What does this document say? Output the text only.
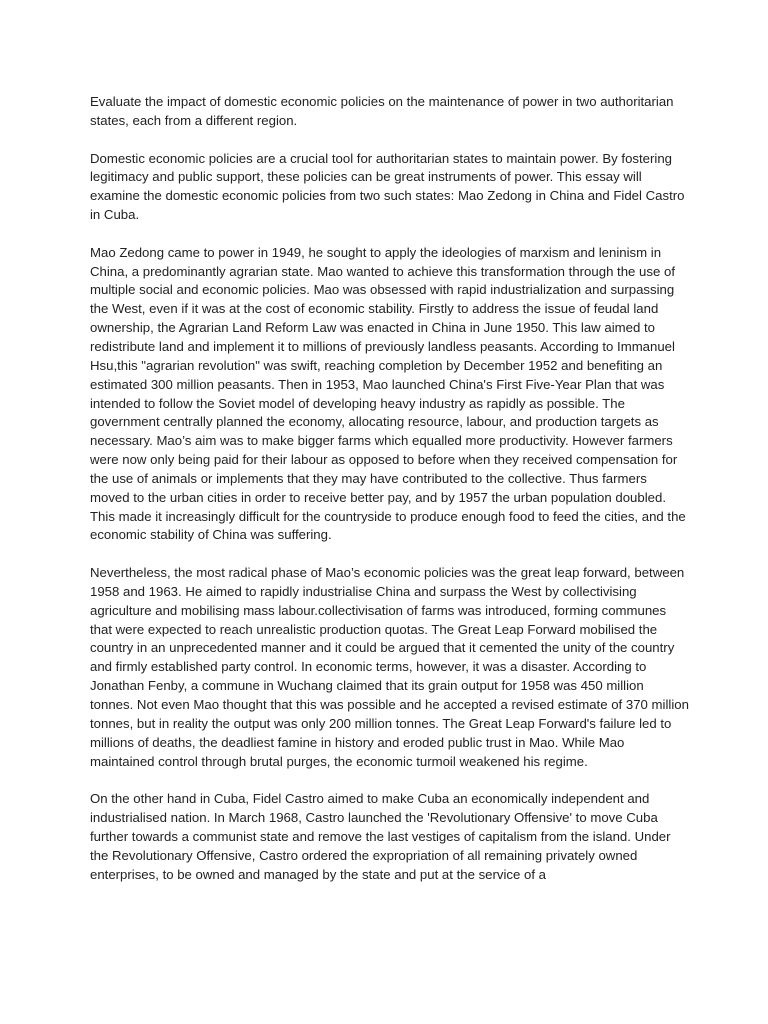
Evaluate the impact of domestic economic policies on the maintenance of power in two authoritarian states, each from a different region.

Domestic economic policies are a crucial tool for authoritarian states to maintain power. By fostering legitimacy and public support, these policies can be great instruments of power. This essay will examine the domestic economic policies from two such states: Mao Zedong in China and Fidel Castro in Cuba.

Mao Zedong came to power in 1949, he sought to apply the ideologies of marxism and leninism in China, a predominantly agrarian state. Mao wanted to achieve this transformation through the use of multiple social and economic policies. Mao was obsessed with rapid industrialization and surpassing the West, even if it was at the cost of economic stability. Firstly to address the issue of feudal land ownership, the Agrarian Land Reform Law was enacted in China in June 1950. This law aimed to redistribute land and implement it to millions of previously landless peasants. According to Immanuel Hsu,this "agrarian revolution" was swift, reaching completion by December 1952 and benefiting an estimated 300 million peasants. Then in 1953, Mao launched China's First Five-Year Plan that was intended to follow the Soviet model of developing heavy industry as rapidly as possible. The government centrally planned the economy, allocating resource, labour, and production targets as necessary. Mao’s aim was to make bigger farms which equalled more productivity. However farmers were now only being paid for their labour as opposed to before when they received compensation for the use of animals or implements that they may have contributed to the collective. Thus farmers moved to the urban cities in order to receive better pay, and by 1957 the urban population doubled. This made it increasingly difficult for the countryside to produce enough food to feed the cities, and the economic stability of China was suffering.

Nevertheless, the most radical phase of Mao’s economic policies was the great leap forward, between 1958 and 1963. He aimed to rapidly industrialise China and surpass the West by collectivising agriculture and mobilising mass labour.collectivisation of farms was introduced, forming communes that were expected to reach unrealistic production quotas. The Great Leap Forward mobilised the country in an unprecedented manner and it could be argued that it cemented the unity of the country and firmly established party control. In economic terms, however, it was a disaster. According to Jonathan Fenby, a commune in Wuchang claimed that its grain output for 1958 was 450 million tonnes. Not even Mao thought that this was possible and he accepted a revised estimate of 370 million tonnes, but in reality the output was only 200 million tonnes. The Great Leap Forward's failure led to millions of deaths, the deadliest famine in history and eroded public trust in Mao. While Mao maintained control through brutal purges, the economic turmoil weakened his regime.

On the other hand in Cuba, Fidel Castro aimed to make Cuba an economically independent and industrialised nation. In March 1968, Castro launched the 'Revolutionary Offensive' to move Cuba further towards a communist state and remove the last vestiges of capitalism from the island. Under the Revolutionary Offensive, Castro ordered the expropriation of all remaining privately owned enterprises, to be owned and managed by the state and put at the service of a
